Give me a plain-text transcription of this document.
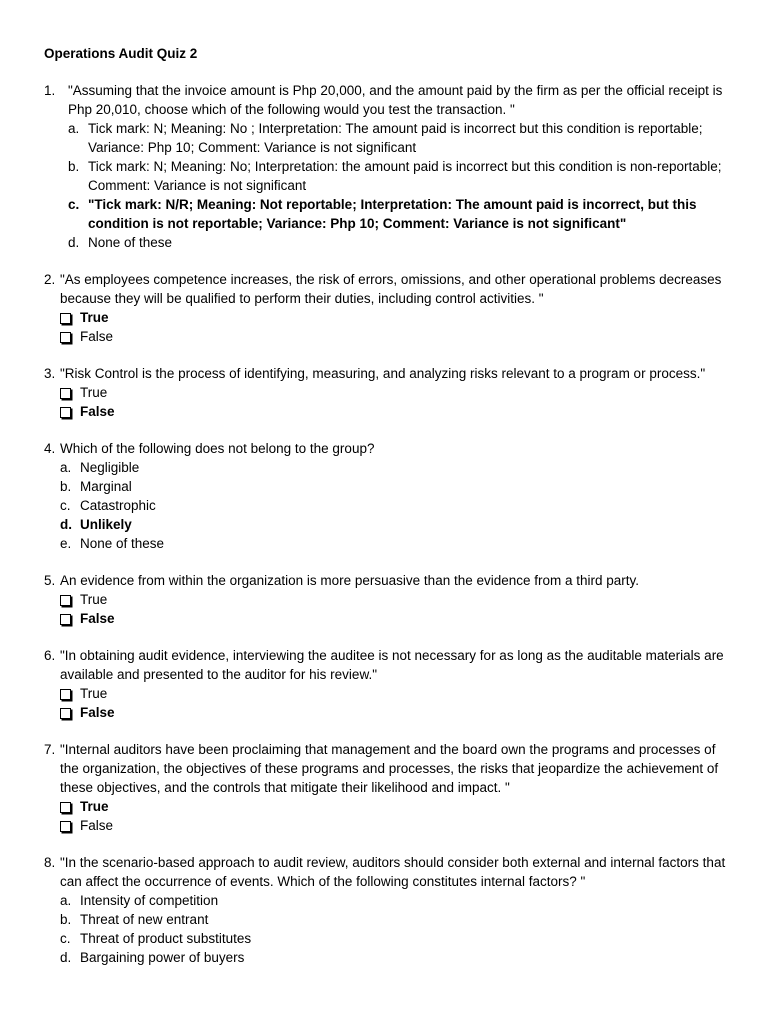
Operations Audit Quiz 2
1. "Assuming that the invoice amount is Php 20,000, and the amount paid by the firm as per the official receipt is Php 20,010, choose which of the following would you test the transaction. "
a. Tick mark: N; Meaning: No ; Interpretation: The amount paid is incorrect but this condition is reportable; Variance: Php 10; Comment: Variance is not significant
b. Tick mark: N; Meaning: No; Interpretation: the amount paid is incorrect but this condition is non-reportable; Comment: Variance is not significant
c. "Tick mark: N/R; Meaning: Not reportable; Interpretation: The amount paid is incorrect, but this condition is not reportable; Variance: Php 10; Comment: Variance is not significant"
d. None of these
2. "As employees competence increases, the risk of errors, omissions, and other operational problems decreases because they will be qualified to perform their duties, including control activities. "
True
False
3. "Risk Control is the process of identifying, measuring, and analyzing risks relevant to a program or process."
True
False
4. Which of the following does not belong to the group?
a. Negligible
b. Marginal
c. Catastrophic
d. Unlikely
e. None of these
5. An evidence from within the organization is more persuasive than the evidence from a third party.
True
False
6. "In obtaining audit evidence, interviewing the auditee is not necessary for as long as the auditable materials are available and presented to the auditor for his review."
True
False
7. "Internal auditors have been proclaiming that management and the board own the programs and processes of the organization, the objectives of these programs and processes, the risks that jeopardize the achievement of these objectives, and the controls that mitigate their likelihood and impact. "
True
False
8. "In the scenario-based approach to audit review, auditors should consider both external and internal factors that can affect the occurrence of events. Which of the following constitutes internal factors? "
a. Intensity of competition
b. Threat of new entrant
c. Threat of product substitutes
d. Bargaining power of buyers
